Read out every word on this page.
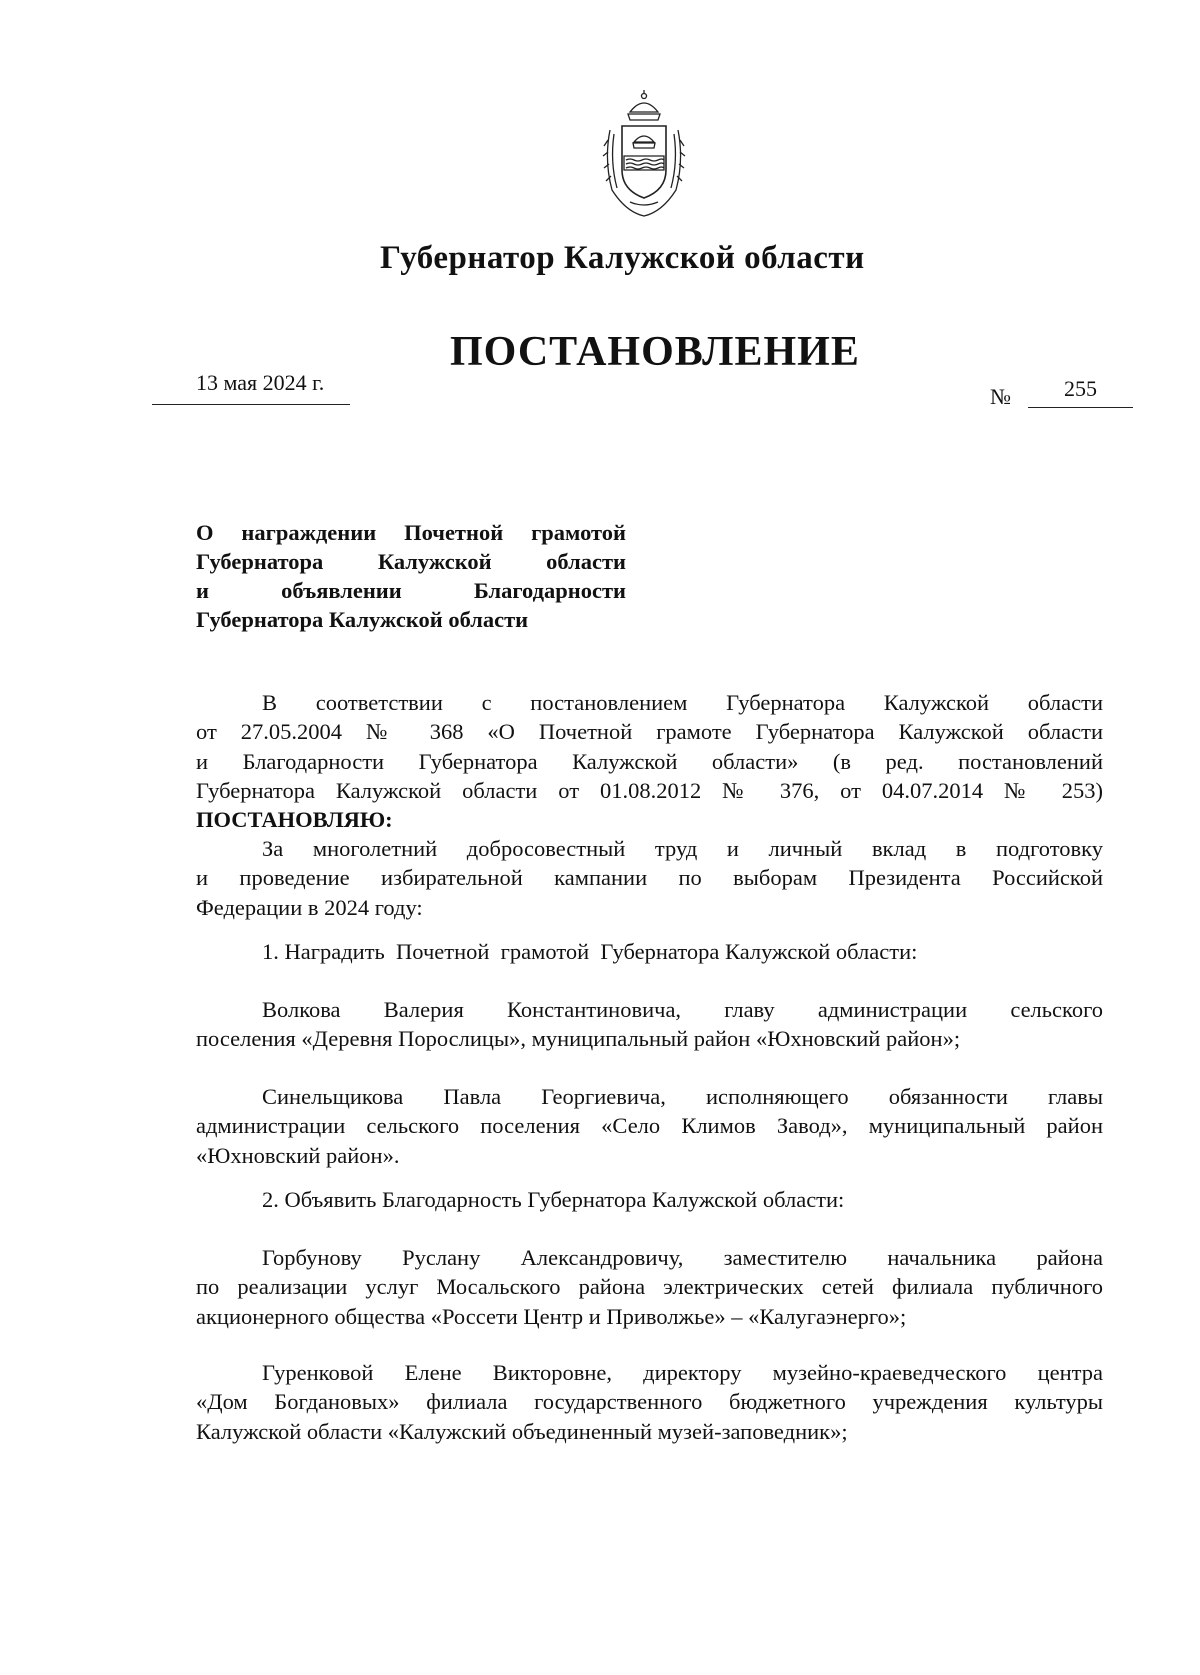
Губернатор Калужской области
ПОСТАНОВЛЕНИЕ
13 мая 2024 г.
№ 255
О награждении Почетной грамотой
Губернатора Калужской области
и объявлении Благодарности
Губернатора Калужской области
В соответствии с постановлением Губернатора Калужской области
от 27.05.2004 № 368 «О Почетной грамоте Губернатора Калужской области
и Благодарности Губернатора Калужской области» (в ред. постановлений
Губернатора Калужской области от 01.08.2012 № 376, от 04.07.2014 № 253)
ПОСТАНОВЛЯЮ:
За многолетний добросовестный труд и личный вклад в подготовку
и проведение избирательной кампании по выборам Президента Российской
Федерации в 2024 году:
1. Наградить  Почетной  грамотой  Губернатора Калужской области:
Волкова Валерия Константиновича, главу администрации сельского
поселения «Деревня Порослицы», муниципальный район «Юхновский район»;
Синельщикова Павла Георгиевича, исполняющего обязанности главы
администрации сельского поселения «Село Климов Завод», муниципальный район
«Юхновский район».
2. Объявить Благодарность Губернатора Калужской области:
Горбунову Руслану Александровичу, заместителю начальника района
по реализации услуг Мосальского района электрических сетей филиала публичного
акционерного общества «Россети Центр и Приволжье» – «Калугаэнерго»;
Гуренковой Елене Викторовне, директору музейно-краеведческого центра
«Дом Богдановых» филиала государственного бюджетного учреждения культуры
Калужской области «Калужский объединенный музей-заповедник»;
